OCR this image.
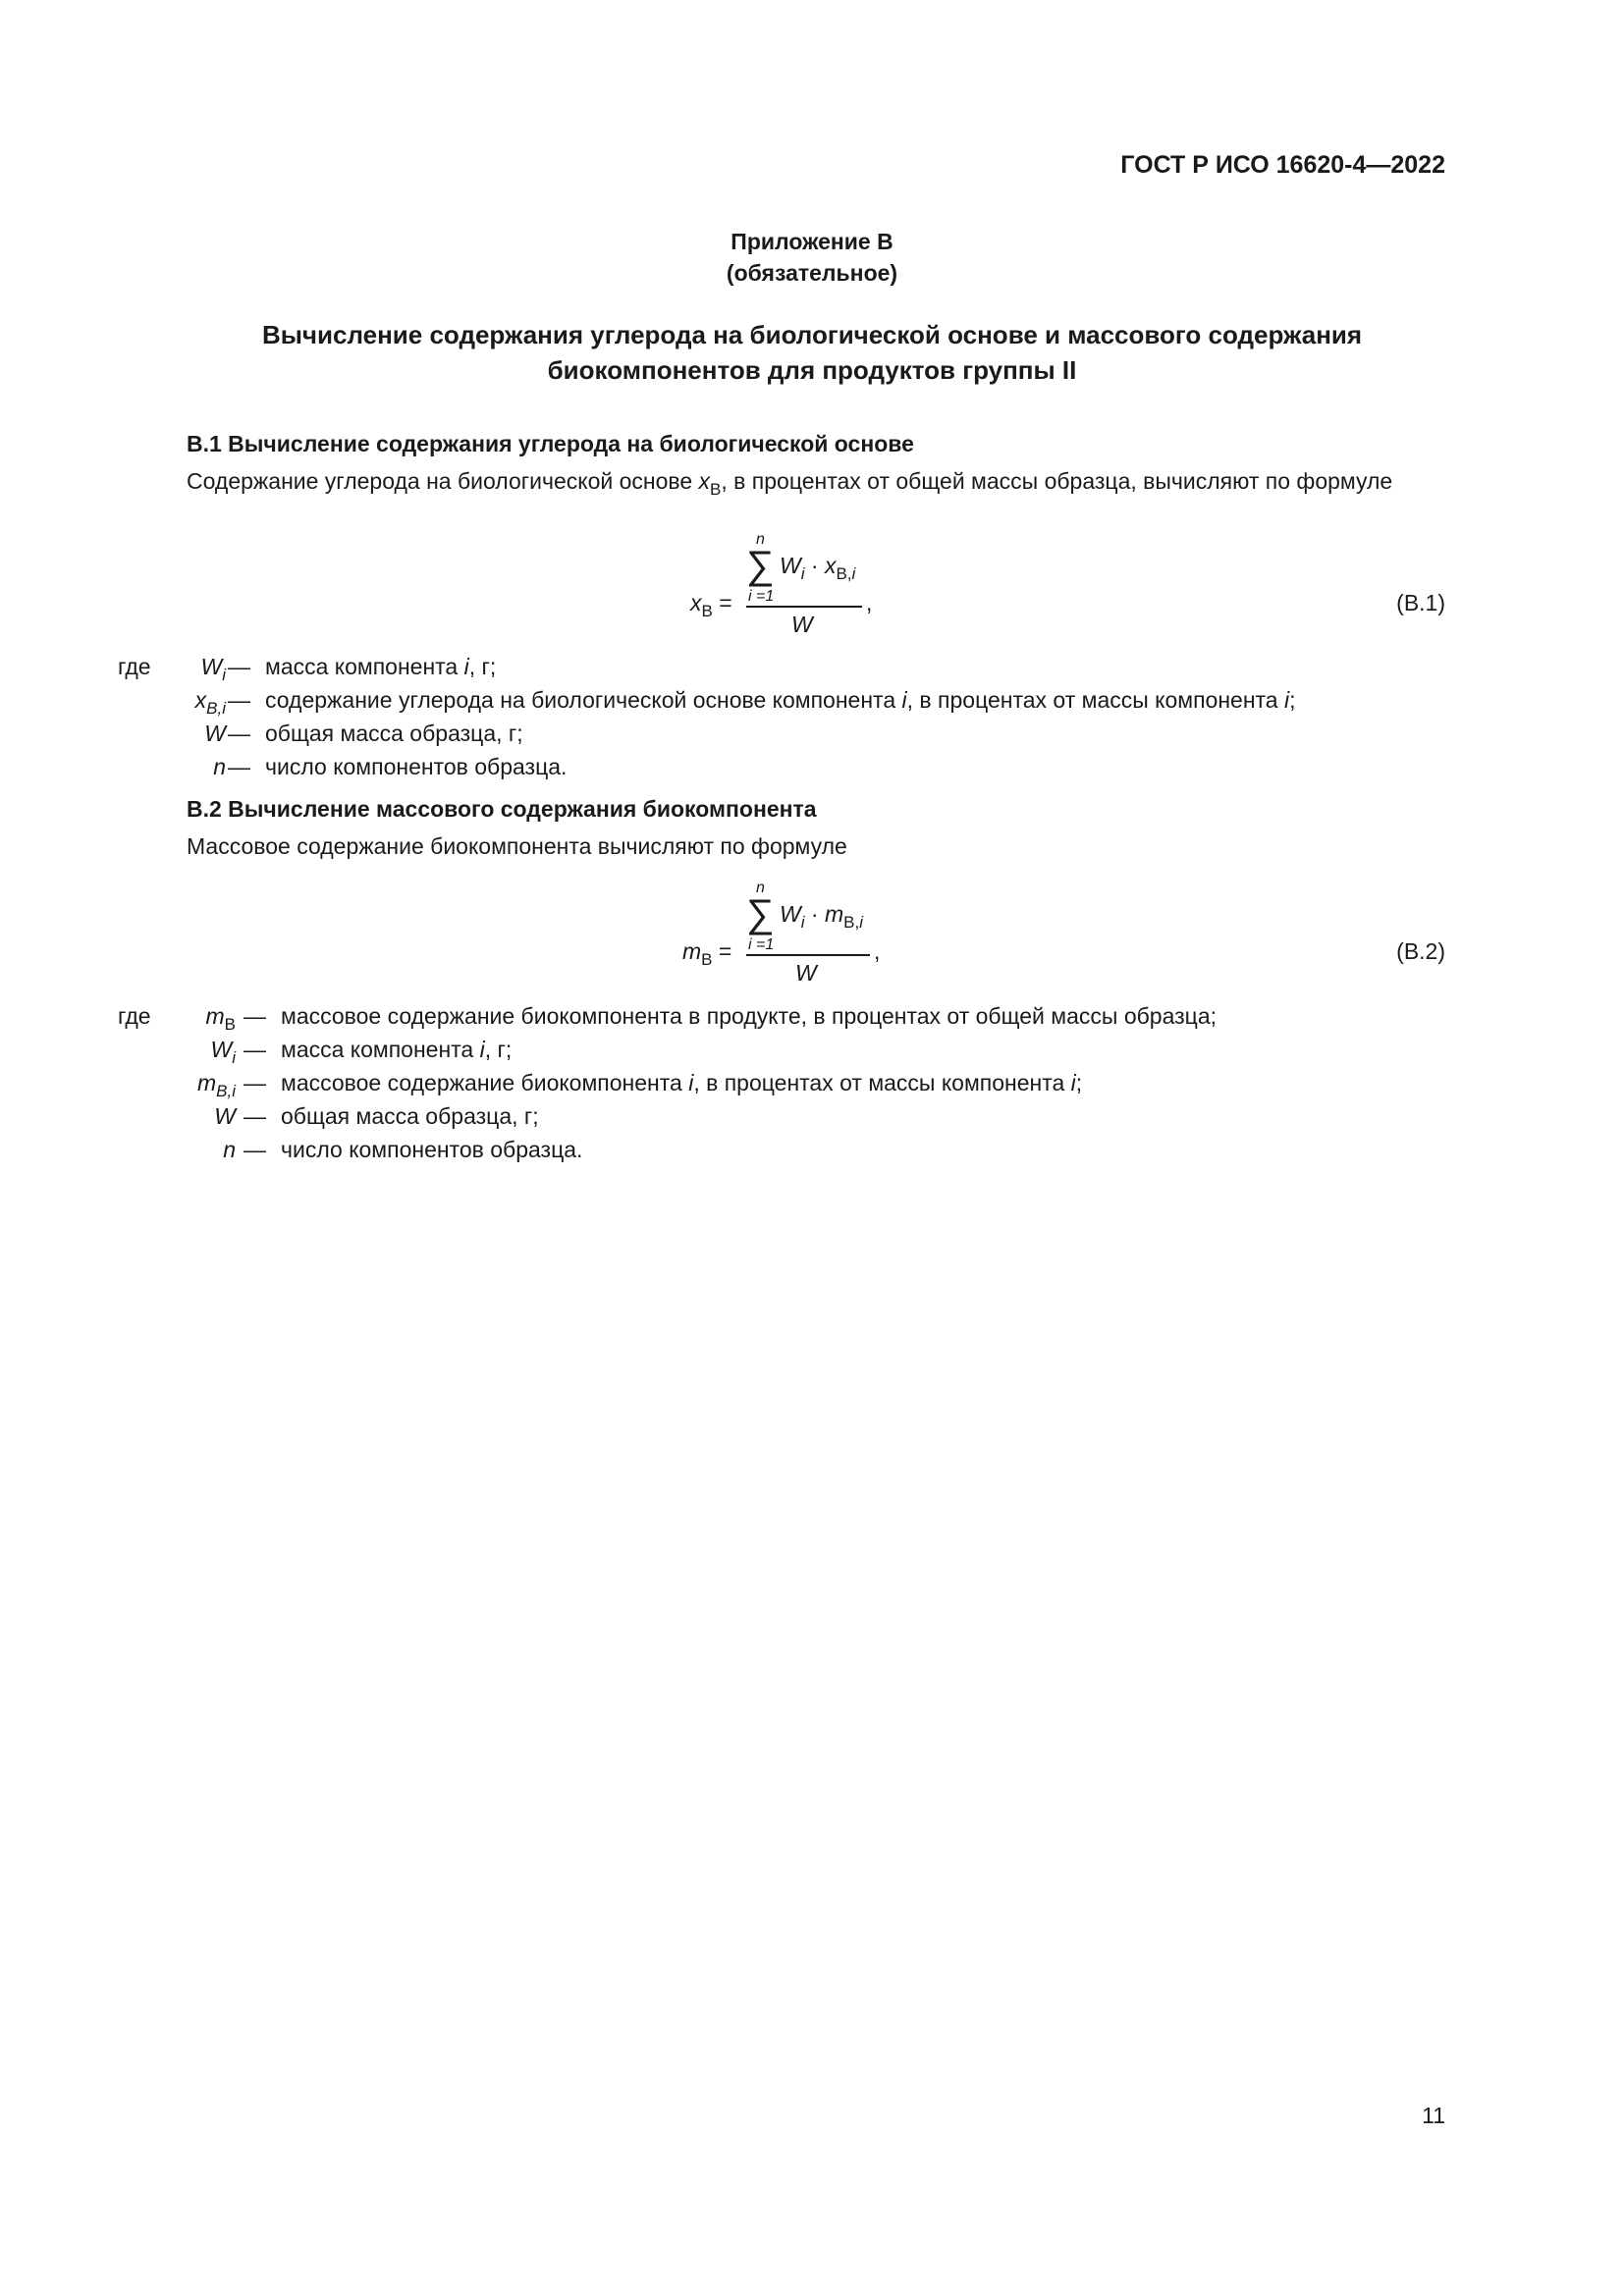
ГОСТ Р ИСО 16620-4—2022
Приложение В
(обязательное)
Вычисление содержания углерода на биологической основе и массового содержания
биокомпонентов для продуктов группы II
В.1 Вычисление содержания углерода на биологической основе
Содержание углерода на биологической основе $x_B$, в процентах от общей массы образца, вычисляют по формуле
n
∑
i =1
$W_i \cdot x_{B,i}$
W
$x_B$ =	,	(В.1)
где	$W_i$ — масса компонента i, г;
$x_{B,i}$ — содержание углерода на биологической основе компонента i, в процентах от массы компонента i;
W — общая масса образца, г;
n — число компонентов образца.
В.2 Вычисление массового содержания биокомпонента
Массовое содержание биокомпонента вычисляют по формуле
n
∑
i =1
$W_i \cdot m_{B,i}$
W
$m_B$ =	,	(В.2)
где	$m_B$ — массовое содержание биокомпонента в продукте, в процентах от общей массы образца;
$W_i$ — масса компонента i, г;
$m_{B,i}$ — массовое содержание биокомпонента i, в процентах от массы компонента i;
W — общая масса образца, г;
n — число компонентов образца.
11
